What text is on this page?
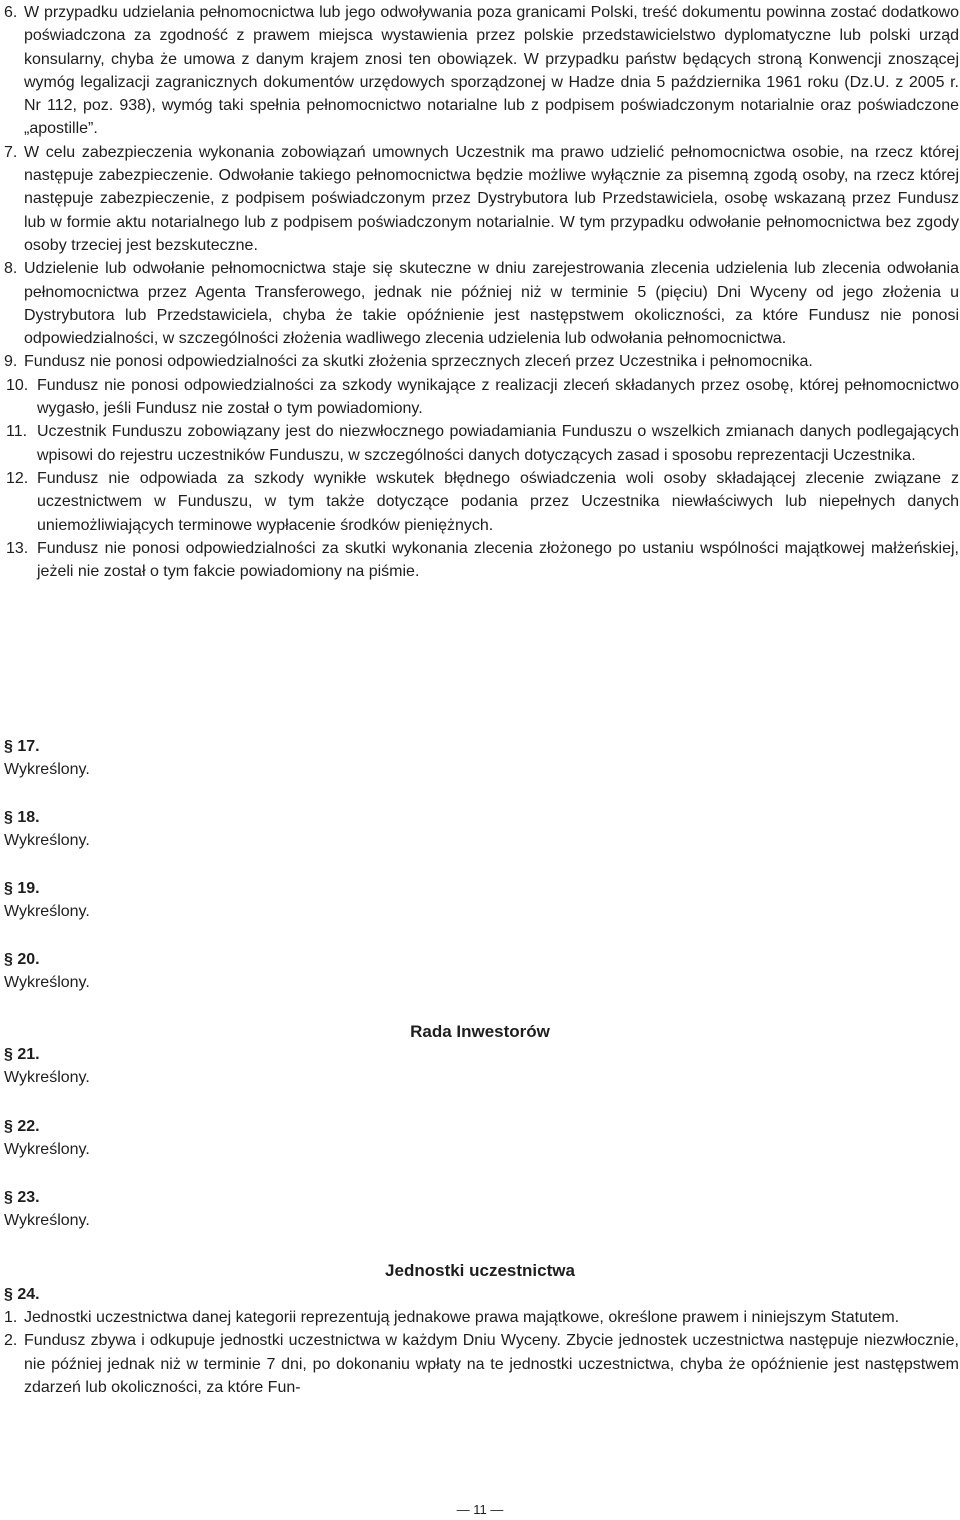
6. W przypadku udzielania pełnomocnictwa lub jego odwoływania poza granicami Polski, treść dokumentu powinna zostać dodatkowo poświadczona za zgodność z prawem miejsca wystawienia przez polskie przedstawicielstwo dyplomatyczne lub polski urząd konsularny, chyba że umowa z danym krajem znosi ten obowiązek. W przypadku państw będących stroną Konwencji znoszącej wymóg legalizacji zagranicznych dokumentów urzędowych sporządzonej w Hadze dnia 5 października 1961 roku (Dz.U. z 2005 r. Nr 112, poz. 938), wymóg taki spełnia pełnomocnictwo notarialne lub z podpisem poświadczonym notarialnie oraz poświadczone „apostille”.

7. W celu zabezpieczenia wykonania zobowiązań umownych Uczestnik ma prawo udzielić pełnomocnictwa osobie, na rzecz której następuje zabezpieczenie. Odwołanie takiego pełnomocnictwa będzie możliwe wyłącznie za pisemną zgodą osoby, na rzecz której następuje zabezpieczenie, z podpisem poświadczonym przez Dystrybutora lub Przedstawiciela, osobę wskazaną przez Fundusz lub w formie aktu notarialnego lub z podpisem poświadczonym notarialnie. W tym przypadku odwołanie pełnomocnictwa bez zgody osoby trzeciej jest bezskuteczne.

8. Udzielenie lub odwołanie pełnomocnictwa staje się skuteczne w dniu zarejestrowania zlecenia udzielenia lub zlecenia odwołania pełnomocnictwa przez Agenta Transferowego, jednak nie później niż w terminie 5 (pięciu) Dni Wyceny od jego złożenia u Dystrybutora lub Przedstawiciela, chyba że takie opóźnienie jest następstwem okoliczności, za które Fundusz nie ponosi odpowiedzialności, w szczególności złożenia wadliwego zlecenia udzielenia lub odwołania pełnomocnictwa.

9. Fundusz nie ponosi odpowiedzialności za skutki złożenia sprzecznych zleceń przez Uczestnika i pełnomocnika.

10. Fundusz nie ponosi odpowiedzialności za szkody wynikające z realizacji zleceń składanych przez osobę, której pełnomocnictwo wygasło, jeśli Fundusz nie został o tym powiadomiony.

11. Uczestnik Funduszu zobowiązany jest do niezwłocznego powiadamiania Funduszu o wszelkich zmianach danych podlegających wpisowi do rejestru uczestników Funduszu, w szczególności danych dotyczących zasad i sposobu reprezentacji Uczestnika.

12. Fundusz nie odpowiada za szkody wynikłe wskutek błędnego oświadczenia woli osoby składającej zlecenie związane z uczestnictwem w Funduszu, w tym także dotyczące podania przez Uczestnika niewłaściwych lub niepełnych danych uniemożliwiających terminowe wypłacenie środków pieniężnych.

13. Fundusz nie ponosi odpowiedzialności za skutki wykonania zlecenia złożonego po ustaniu wspólności majątkowej małżeńskiej, jeżeli nie został o tym fakcie powiadomiony na piśmie.

§ 17.
Wykreślony.
§ 18.
Wykreślony.
§ 19.
Wykreślony.
§ 20.
Wykreślony.
Rada Inwestorów
§ 21.
Wykreślony.
§ 22.
Wykreślony.
§ 23.
Wykreślony.
Jednostki uczestnictwa
§ 24.

1. Jednostki uczestnictwa danej kategorii reprezentują jednakowe prawa majątkowe, określone prawem i niniejszym Statutem.

2. Fundusz zbywa i odkupuje jednostki uczestnictwa w każdym Dniu Wyceny. Zbycie jednostek uczestnictwa następuje niezwłocznie, nie później jednak niż w terminie 7 dni, po dokonaniu wpłaty na te jednostki uczestnictwa, chyba że opóźnienie jest następstwem zdarzeń lub okoliczności, za które Fun-

— 11 —
